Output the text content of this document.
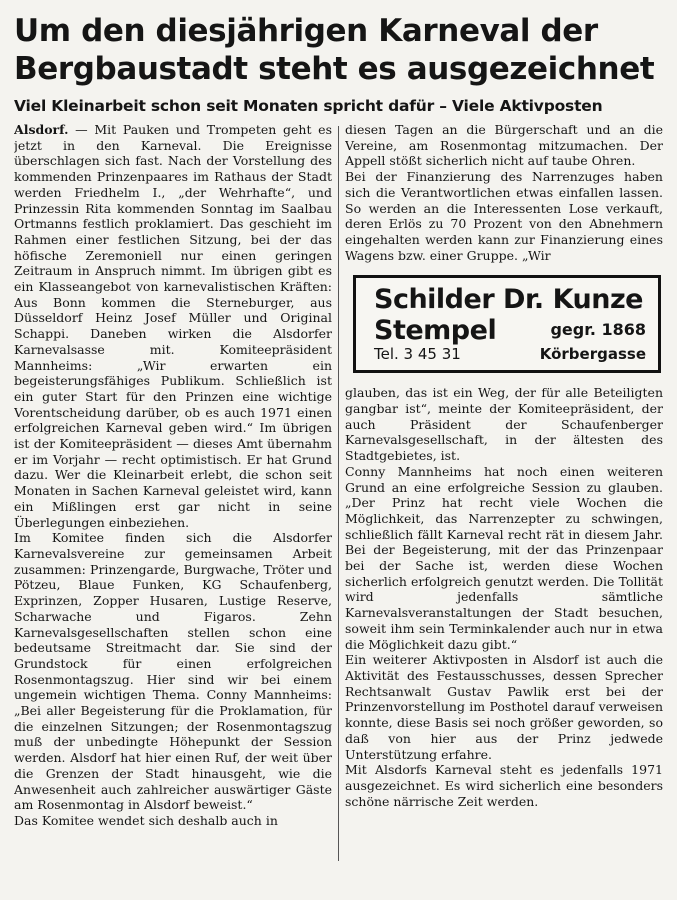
Um den diesjährigen Karneval der
Bergbaustadt steht es ausgezeichnet
Viel Kleinarbeit schon seit Monaten spricht dafür – Viele Aktivposten

Alsdorf. — Mit Pauken und Trompeten geht es jetzt in den Karneval. Die Ereignisse überschlagen sich fast. Nach der Vorstellung des kommenden Prinzenpaares im Rathaus der Stadt werden Friedhelm I., „der Wehrhafte“, und Prinzessin Rita kommenden Sonntag im Saalbau Ortmanns festlich proklamiert. Das geschieht im Rahmen einer festlichen Sitzung, bei der das höfische Zeremoniell nur einen geringen Zeitraum in Anspruch nimmt. Im übrigen gibt es ein Klasseangebot von karnevalistischen Kräften: Aus Bonn kommen die Sterneburger, aus Düsseldorf Heinz Josef Müller und Original Schappi. Daneben wirken die Alsdorfer Karnevalsasse mit. Komiteepräsident Mannheims: „Wir erwarten ein begeisterungsfähiges Publikum. Schließlich ist ein guter Start für den Prinzen eine wichtige Vorentscheidung darüber, ob es auch 1971 einen erfolgreichen Karneval geben wird.“ Im übrigen ist der Komiteepräsident — dieses Amt übernahm er im Vorjahr — recht optimistisch. Er hat Grund dazu. Wer die Kleinarbeit erlebt, die schon seit Monaten in Sachen Karneval geleistet wird, kann ein Mißlingen erst gar nicht in seine Überlegungen einbeziehen.

Im Komitee finden sich die Alsdorfer Karnevalsvereine zur gemeinsamen Arbeit zusammen: Prinzengarde, Burgwache, Tröter und Pötzeu, Blaue Funken, KG Schaufenberg, Exprinzen, Zopper Husaren, Lustige Reserve, Scharwache und Figaros. Zehn Karnevalsgesellschaften stellen schon eine bedeutsame Streitmacht dar. Sie sind der Grundstock für einen erfolgreichen Rosenmontagszug. Hier sind wir bei einem ungemein wichtigen Thema. Conny Mannheims: „Bei aller Begeisterung für die Proklamation, für die einzelnen Sitzungen; der Rosenmontagszug muß der unbedingte Höhepunkt der Session werden. Alsdorf hat hier einen Ruf, der weit über die Grenzen der Stadt hinausgeht, wie die Anwesenheit auch zahlreicher auswärtiger Gäste am Rosenmontag in Alsdorf beweist.“

Das Komitee wendet sich deshalb auch in

diesen Tagen an die Bürgerschaft und an die Vereine, am Rosenmontag mitzumachen. Der Appell stößt sicherlich nicht auf taube Ohren.

Bei der Finanzierung des Narrenzuges haben sich die Verantwortlichen etwas einfallen lassen. So werden an die Interessenten Lose verkauft, deren Erlös zu 70 Prozent von den Abnehmern eingehalten werden kann zur Finanzierung eines Wagens bzw. einer Gruppe. „Wir

Schilder Dr. Kunze
Stempel	gegr. 1868
Tel. 3 45 31	Körbergasse

glauben, das ist ein Weg, der für alle Beteiligten gangbar ist“, meinte der Komiteepräsident, der auch Präsident der Schaufenberger Karnevalsgesellschaft, in der ältesten des Stadtgebietes, ist.

Conny Mannheims hat noch einen weiteren Grund an eine erfolgreiche Session zu glauben. „Der Prinz hat recht viele Wochen die Möglichkeit, das Narrenzepter zu schwingen, schließlich fällt Karneval recht rät in diesem Jahr. Bei der Begeisterung, mit der das Prinzenpaar bei der Sache ist, werden diese Wochen sicherlich erfolgreich genutzt werden. Die Tollität wird jedenfalls sämtliche Karnevalsveranstaltungen der Stadt besuchen, soweit ihm sein Terminkalender auch nur in etwa die Möglichkeit dazu gibt.“

Ein weiterer Aktivposten in Alsdorf ist auch die Aktivität des Festausschusses, dessen Sprecher Rechtsanwalt Gustav Pawlik erst bei der Prinzenvorstellung im Posthotel darauf verweisen konnte, diese Basis sei noch größer geworden, so daß von hier aus der Prinz jedwede Unterstützung erfahre.

Mit Alsdorfs Karneval steht es jedenfalls 1971 ausgezeichnet. Es wird sicherlich eine besonders schöne närrische Zeit werden.
